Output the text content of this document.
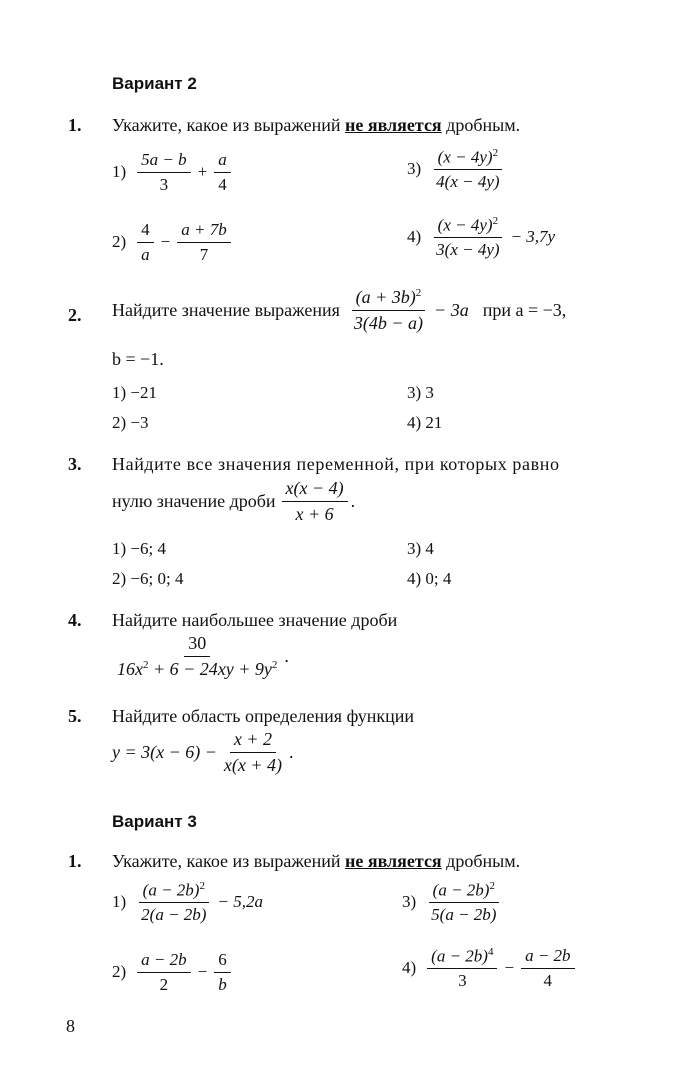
Вариант 2
1. Укажите, какое из выражений не является дробным.
$1) \frac{5a - b}{3} + \frac{a}{4}$	$3) \frac{(x - 4y)^2}{4(x - 4y)}$
$2) \frac{4}{a} - \frac{a + 7b}{7}$	$4) \frac{(x - 4y)^2}{3(x - 4y)} - 3,7y$
2. Найдите значение выражения $\frac{(a + 3b)^2}{3(4b - a)} - 3a$ при a = −3,
b = −1.
1) −21	3) 3
2) −3	4) 21
3. Найдите все значения переменной, при которых равно
нулю значение дроби $\frac{x(x - 4)}{x + 6}$ .
1) −6; 4	3) 4
2) −6; 0; 4	4) 0; 4
4. Найдите наибольшее значение дроби
$\frac{30}{16x^2 + 6 - 24xy + 9y^2}$ .
5. Найдите область определения функции
$y = 3(x - 6) - \frac{x + 2}{x(x + 4)}$ .
Вариант 3
1. Укажите, какое из выражений не является дробным.
$1) \frac{(a - 2b)^2}{2(a - 2b)} - 5,2a$	$3) \frac{(a - 2b)^2}{5(a - 2b)}$
$2) \frac{a - 2b}{2} - \frac{6}{b}$	$4) \frac{(a - 2b)^4}{3} - \frac{a - 2b}{4}$
8
